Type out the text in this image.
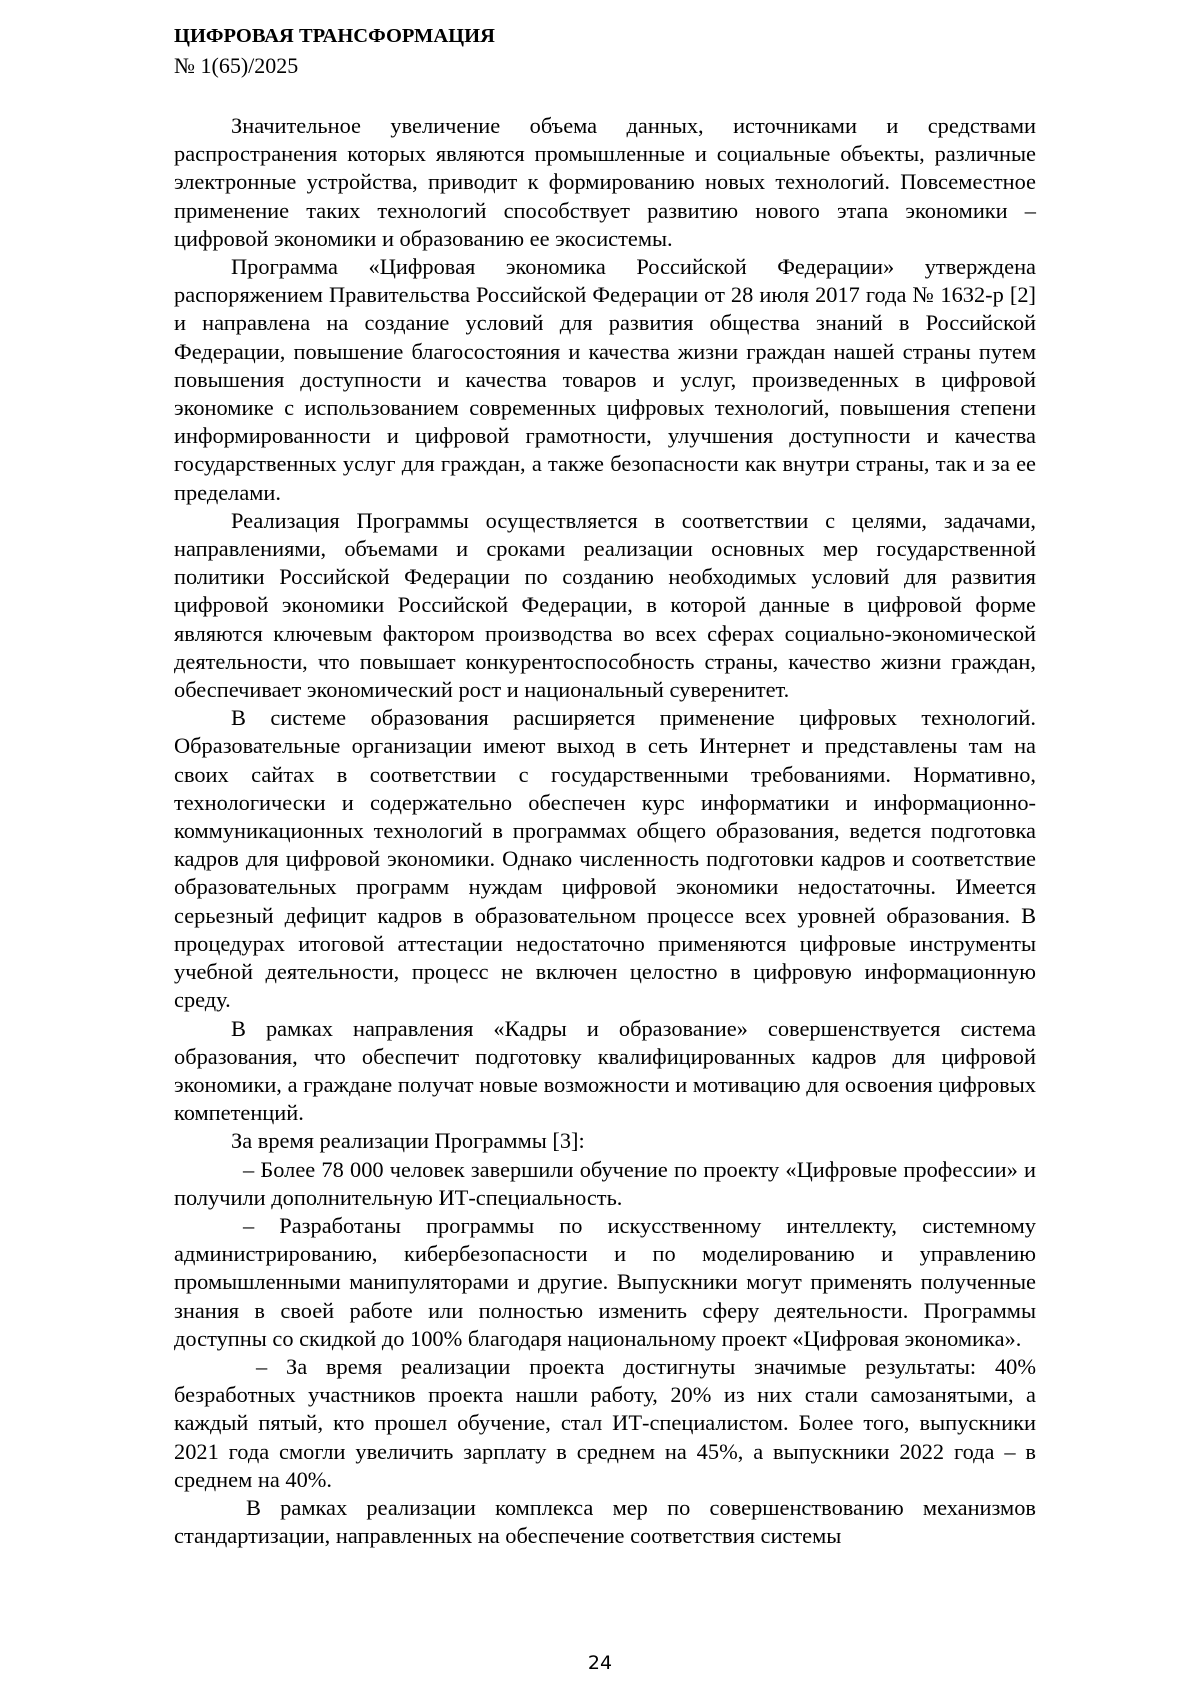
ЦИФРОВАЯ ТРАНСФОРМАЦИЯ
№ 1(65)/2025

Значительное увеличение объема данных, источниками и средствами распространения которых являются промышленные и социальные объекты, различные электронные устройства, приводит к формированию новых технологий. Повсеместное применение таких технологий способствует развитию нового этапа экономики – цифровой экономики и образованию ее экосистемы.

Программа «Цифровая экономика Российской Федерации» утверждена распоряжением Правительства Российской Федерации от 28 июля 2017 года № 1632-р [2] и направлена на создание условий для развития общества знаний в Российской Федерации, повышение благосостояния и качества жизни граждан нашей страны путем повышения доступности и качества товаров и услуг, произведенных в цифровой экономике с использованием современных цифровых технологий, повышения степени информированности и цифровой грамотности, улучшения доступности и качества государственных услуг для граждан, а также безопасности как внутри страны, так и за ее пределами.

Реализация Программы осуществляется в соответствии с целями, задачами, направлениями, объемами и сроками реализации основных мер государственной политики Российской Федерации по созданию необходимых условий для развития цифровой экономики Российской Федерации, в которой данные в цифровой форме являются ключевым фактором производства во всех сферах социально-экономической деятельности, что повышает конкурентоспособность страны, качество жизни граждан, обеспечивает экономический рост и национальный суверенитет.

В системе образования расширяется применение цифровых технологий. Образовательные организации имеют выход в сеть Интернет и представлены там на своих сайтах в соответствии с государственными требованиями. Нормативно, технологически и содержательно обеспечен курс информатики и информационно-коммуникационных технологий в программах общего образования, ведется подготовка кадров для цифровой экономики. Однако численность подготовки кадров и соответствие образовательных программ нуждам цифровой экономики недостаточны. Имеется серьезный дефицит кадров в образовательном процессе всех уровней образования. В процедурах итоговой аттестации недостаточно применяются цифровые инструменты учебной деятельности, процесс не включен целостно в цифровую информационную среду.

В рамках направления «Кадры и образование» совершенствуется система образования, что обеспечит подготовку квалифицированных кадров для цифровой экономики, а граждане получат новые возможности и мотивацию для освоения цифровых компетенций.

За время реализации Программы [3]:

– Более 78 000 человек завершили обучение по проекту «Цифровые профессии» и получили дополнительную ИТ-специальность.

– Разработаны программы по искусственному интеллекту, системному администрированию, кибербезопасности и по моделированию и управлению промышленными манипуляторами и другие. Выпускники могут применять полученные знания в своей работе или полностью изменить сферу деятельности. Программы доступны со скидкой до 100% благодаря национальному проект «Цифровая экономика».

– За время реализации проекта достигнуты значимые результаты: 40% безработных участников проекта нашли работу, 20% из них стали самозанятыми, а каждый пятый, кто прошел обучение, стал ИТ-специалистом. Более того, выпускники 2021 года смогли увеличить зарплату в среднем на 45%, а выпускники 2022 года – в среднем на 40%.

В рамках реализации комплекса мер по совершенствованию механизмов стандартизации, направленных на обеспечение соответствия системы

24
